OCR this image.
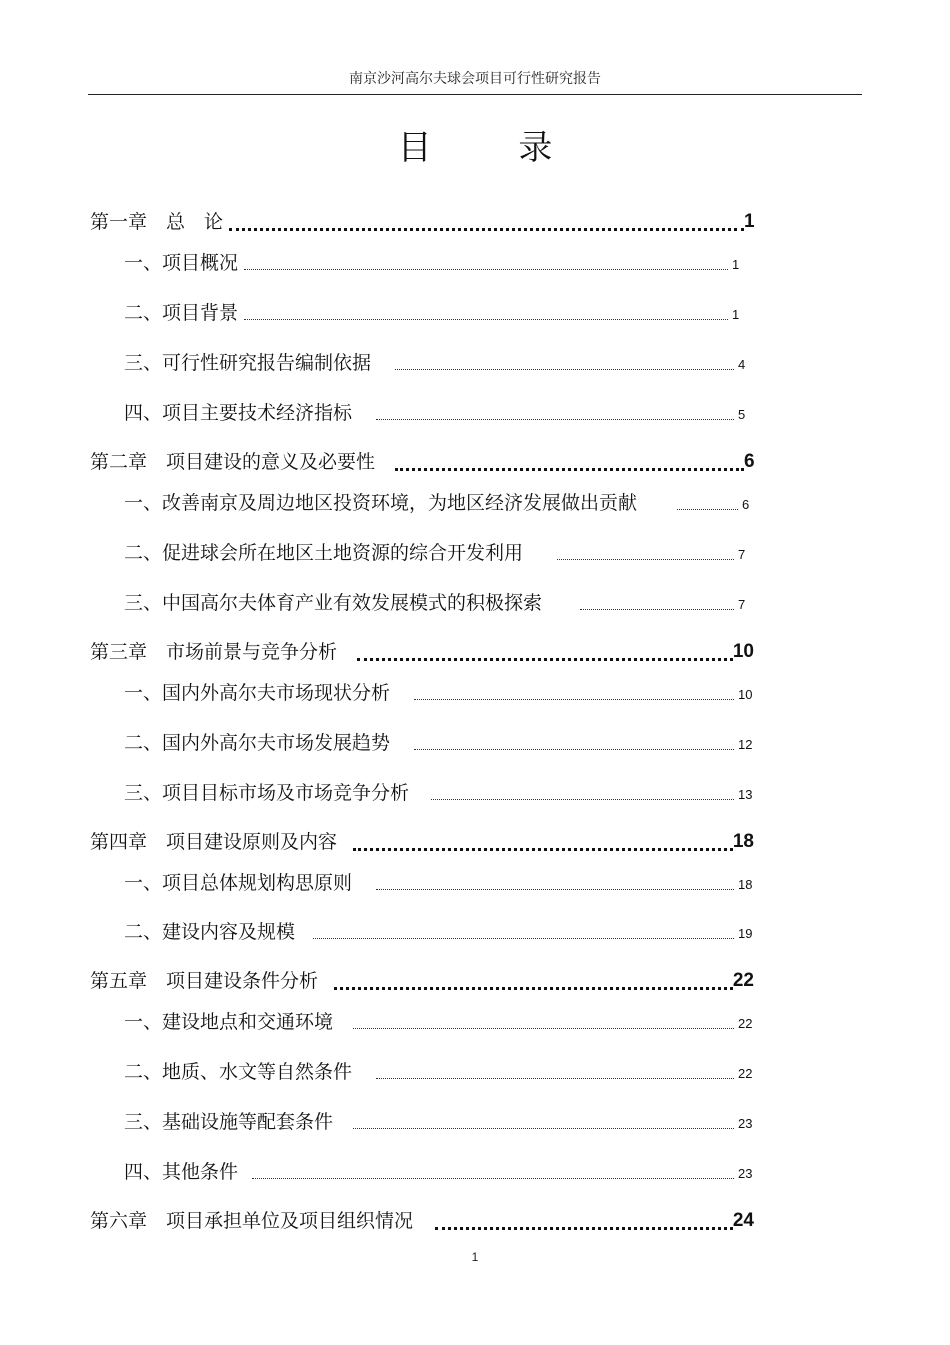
南京沙河高尔夫球会项目可行性研究报告
目 录
第一章　总　论	1
一、项目概况	1
二、项目背景	1
三、可行性研究报告编制依据	4
四、项目主要技术经济指标	5
第二章　项目建设的意义及必要性	6
一、改善南京及周边地区投资环境，为地区经济发展做出贡献	6
二、促进球会所在地区土地资源的综合开发利用	7
三、中国高尔夫体育产业有效发展模式的积极探索	7
第三章　市场前景与竞争分析	10
一、国内外高尔夫市场现状分析	10
二、国内外高尔夫市场发展趋势	12
三、项目目标市场及市场竞争分析	13
第四章　项目建设原则及内容	18
一、项目总体规划构思原则	18
二、建设内容及规模	19
第五章　项目建设条件分析	22
一、建设地点和交通环境	22
二、地质、水文等自然条件	22
三、基础设施等配套条件	23
四、其他条件	23
第六章　项目承担单位及项目组织情况	24
1
